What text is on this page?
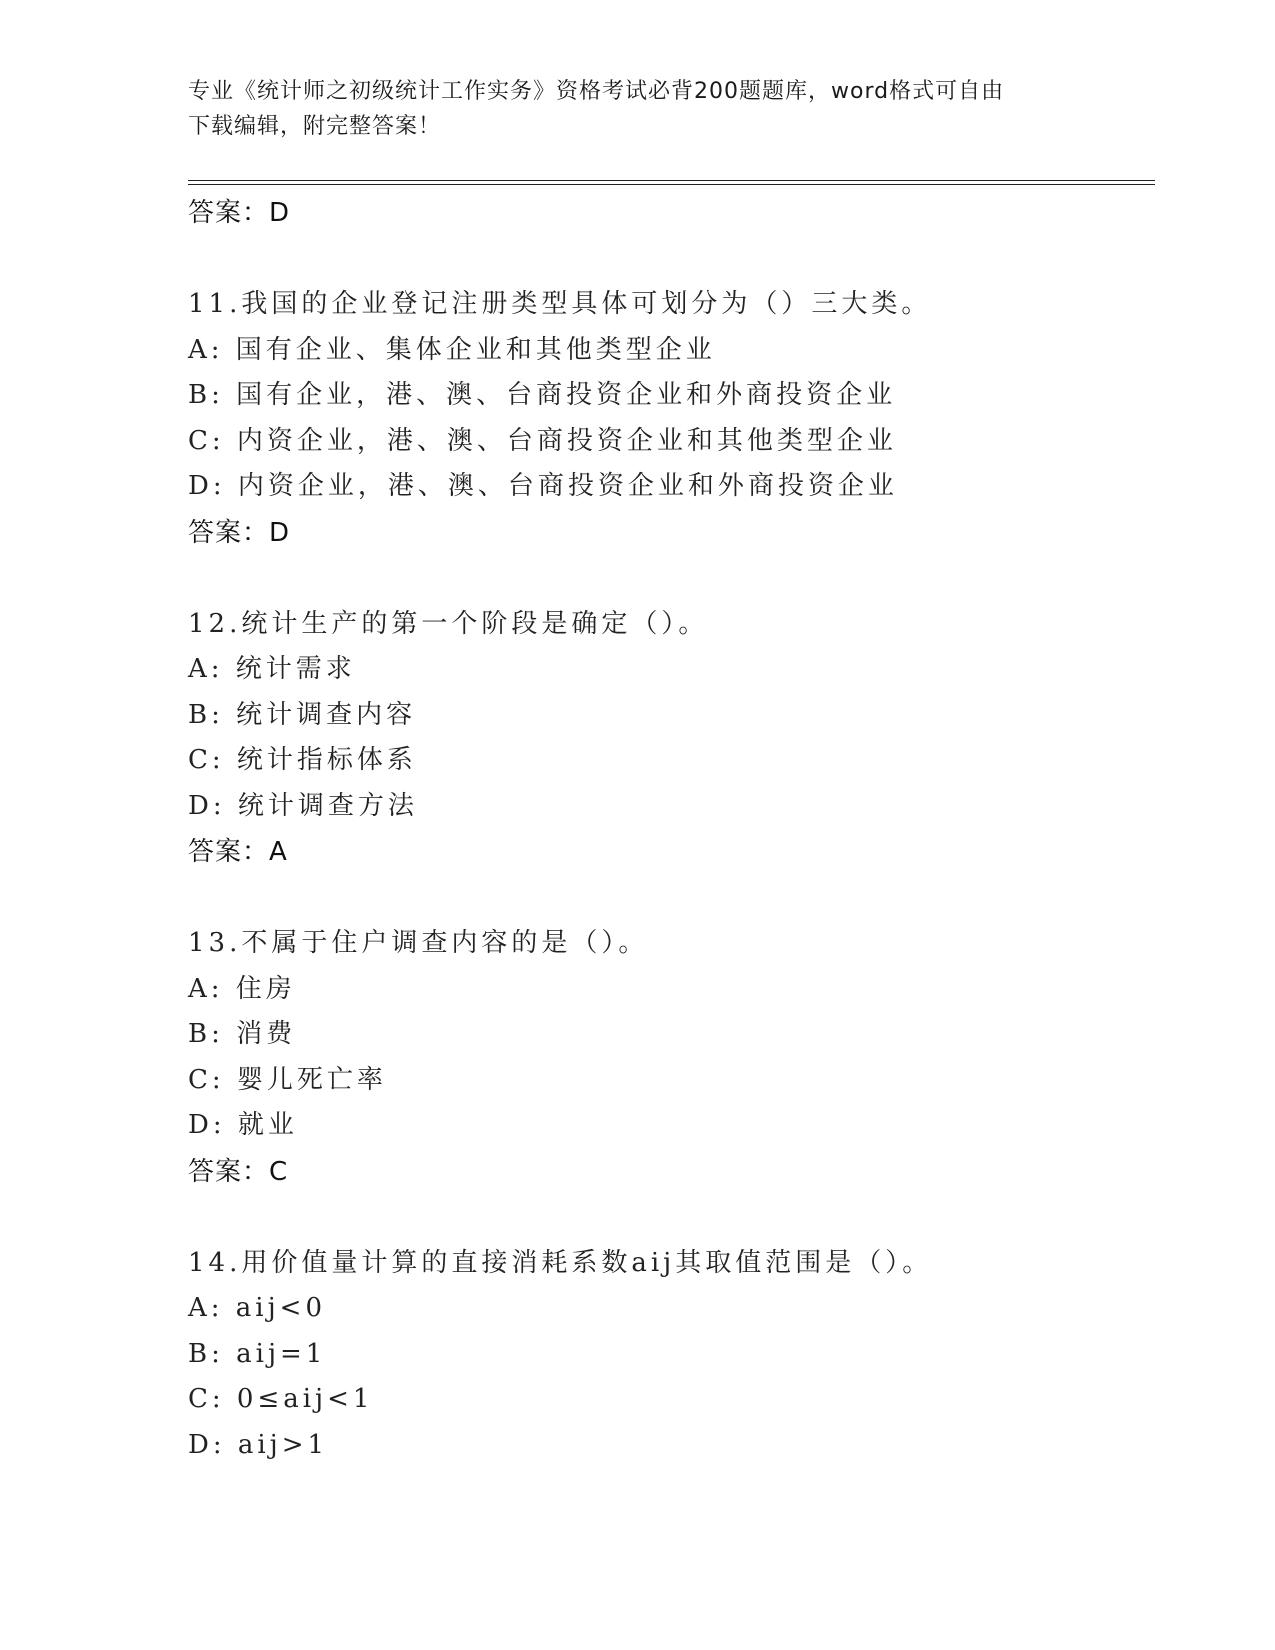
专业《统计师之初级统计工作实务》资格考试必背200题题库，word格式可自由
下载编辑，附完整答案！
答案：D
11.我国的企业登记注册类型具体可划分为（）三大类。
A: 国有企业、集体企业和其他类型企业
B: 国有企业，港、澳、台商投资企业和外商投资企业
C: 内资企业，港、澳、台商投资企业和其他类型企业
D: 内资企业，港、澳、台商投资企业和外商投资企业
答案：D
12.统计生产的第一个阶段是确定（）。
A: 统计需求
B: 统计调查内容
C: 统计指标体系
D: 统计调查方法
答案：A
13.不属于住户调查内容的是（）。
A: 住房
B: 消费
C: 婴儿死亡率
D: 就业
答案：C
14.用价值量计算的直接消耗系数aij其取值范围是（）。
A: aij<0
B: aij=1
C: 0≤aij<1
D: aij>1
